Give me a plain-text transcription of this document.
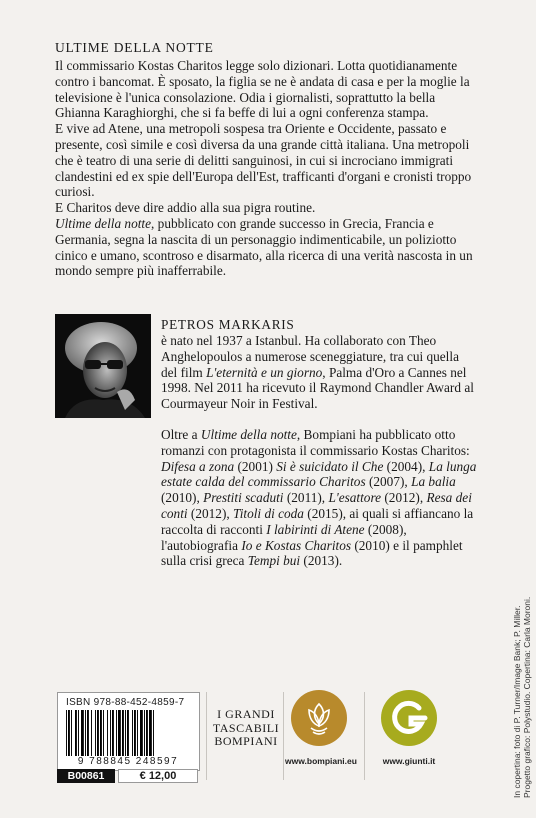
ULTIME DELLA NOTTE

Il commissario Kostas Charitos legge solo dizionari. Lotta quotidianamente contro i bancomat. È sposato, la figlia se ne è andata di casa e per la moglie la televisione è l'unica consolazione. Odia i giornalisti, soprattutto la bella Ghianna Karaghiorghi, che si fa beffe di lui a ogni conferenza stampa.

E vive ad Atene, una metropoli sospesa tra Oriente e Occidente, passato e presente, così simile e così diversa da una grande città italiana. Una metropoli che è teatro di una serie di delitti sanguinosi, in cui si incrociano immigrati clandestini ed ex spie dell'Europa dell'Est, trafficanti d'organi e cronisti troppo curiosi.

E Charitos deve dire addio alla sua pigra routine.

Ultime della notte, pubblicato con grande successo in Grecia, Francia e Germania, segna la nascita di un personaggio indimenticabile, un poliziotto cinico e umano, scontroso e disarmato, alla ricerca di una verità nascosta in un mondo sempre più inafferrabile.

PETROS MARKARIS

è nato nel 1937 a Istanbul. Ha collaborato con Theo Anghelopoulos a numerose sceneggiature, tra cui quella del film L'eternità e un giorno, Palma d'Oro a Cannes nel 1998. Nel 2011 ha ricevuto il Raymond Chandler Award al Courmayeur Noir in Festival.

Oltre a Ultime della notte, Bompiani ha pubblicato otto romanzi con protagonista il commissario Kostas Charitos: Difesa a zona (2001) Si è suicidato il Che (2004), La lunga estate calda del commissario Charitos (2007), La balia (2010), Prestiti scaduti (2011), L'esattore (2012), Resa dei conti (2012), Titoli di coda (2015), ai quali si affiancano la raccolta di racconti I labirinti di Atene (2008), l'autobiografia Io e Kostas Charitos (2010) e il pamphlet sulla crisi greca Tempi bui (2013).

In copertina: foto di P. Turner/Image Bank; P. Miller. Progetto grafico: Polystudio. Copertina: Carla Moroni.
ISBN 978-88-452-4859-7
9 788845 248597
B00861	€ 12,00
I GRANDI
TASCABILI
BOMPIANI
www.bompiani.eu	www.giunti.it
